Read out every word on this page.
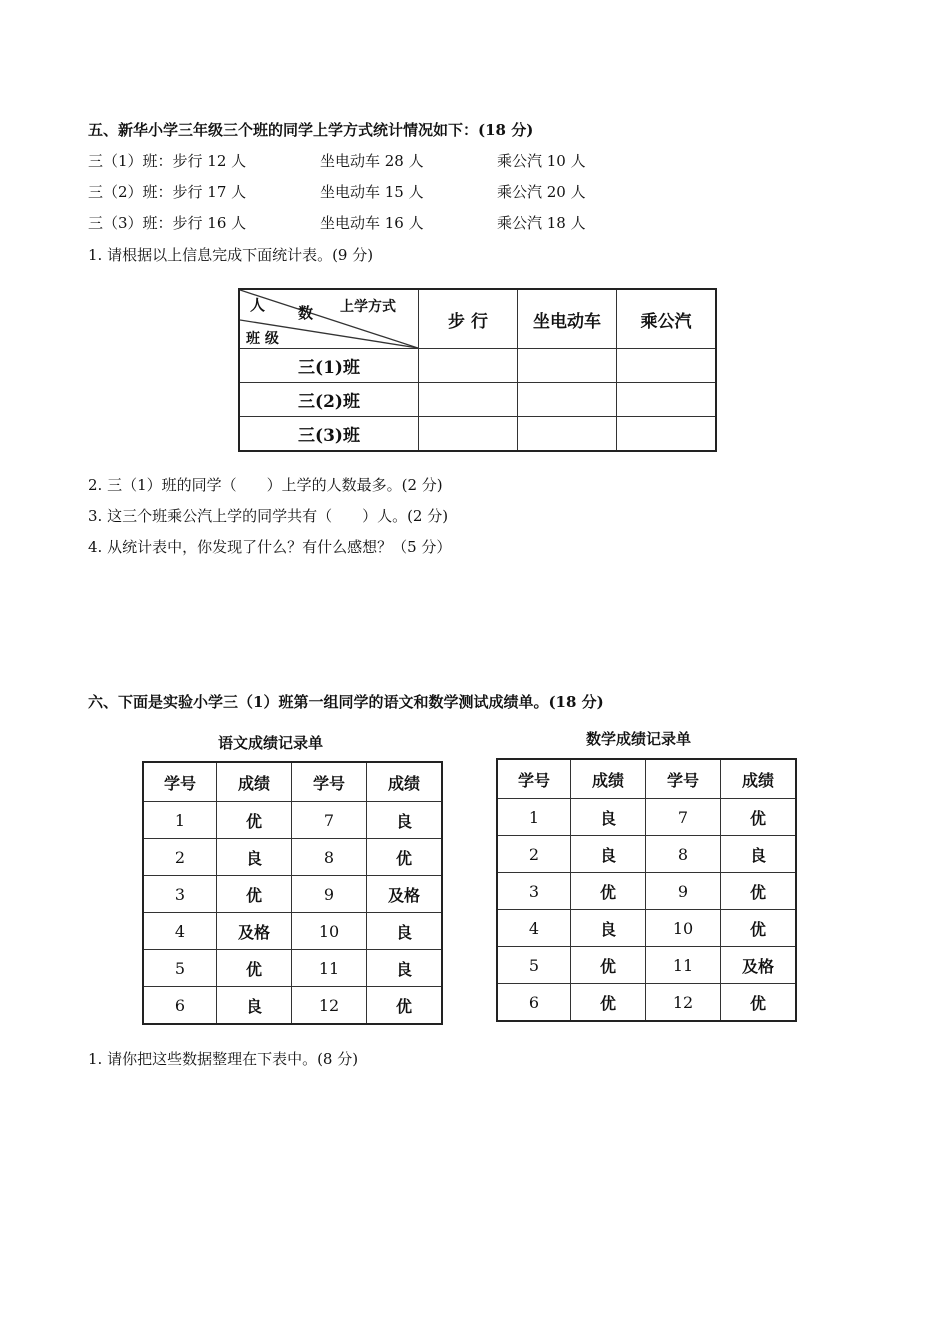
五、新华小学三年级三个班的同学上学方式统计情况如下：(18 分)
三（1）班：步行 12 人	坐电动车 28 人	乘公汽 10 人
三（2）班：步行 17 人	坐电动车 15 人	乘公汽 20 人
三（3）班：步行 16 人	坐电动车 16 人	乘公汽 18 人
1. 请根据以上信息完成下面统计表。(9 分)
人 数 上学方式
班 级	步 行	坐电动车	乘公汽
三(1)班			
三(2)班			
三(3)班			
2. 三（1）班的同学（　　）上学的人数最多。(2 分)
3. 这三个班乘公汽上学的同学共有（　　）人。(2 分)
4. 从统计表中，你发现了什么？有什么感想？（5 分）
六、下面是实验小学三（1）班第一组同学的语文和数学测试成绩单。(18 分)
语文成绩记录单
学号	成绩	学号	成绩
1	优	7	良
2	良	8	优
3	优	9	及格
4	及格	10	良
5	优	11	良
6	良	12	优
数学成绩记录单
学号	成绩	学号	成绩
1	良	7	优
2	良	8	良
3	优	9	优
4	良	10	优
5	优	11	及格
6	优	12	优
1. 请你把这些数据整理在下表中。(8 分)
